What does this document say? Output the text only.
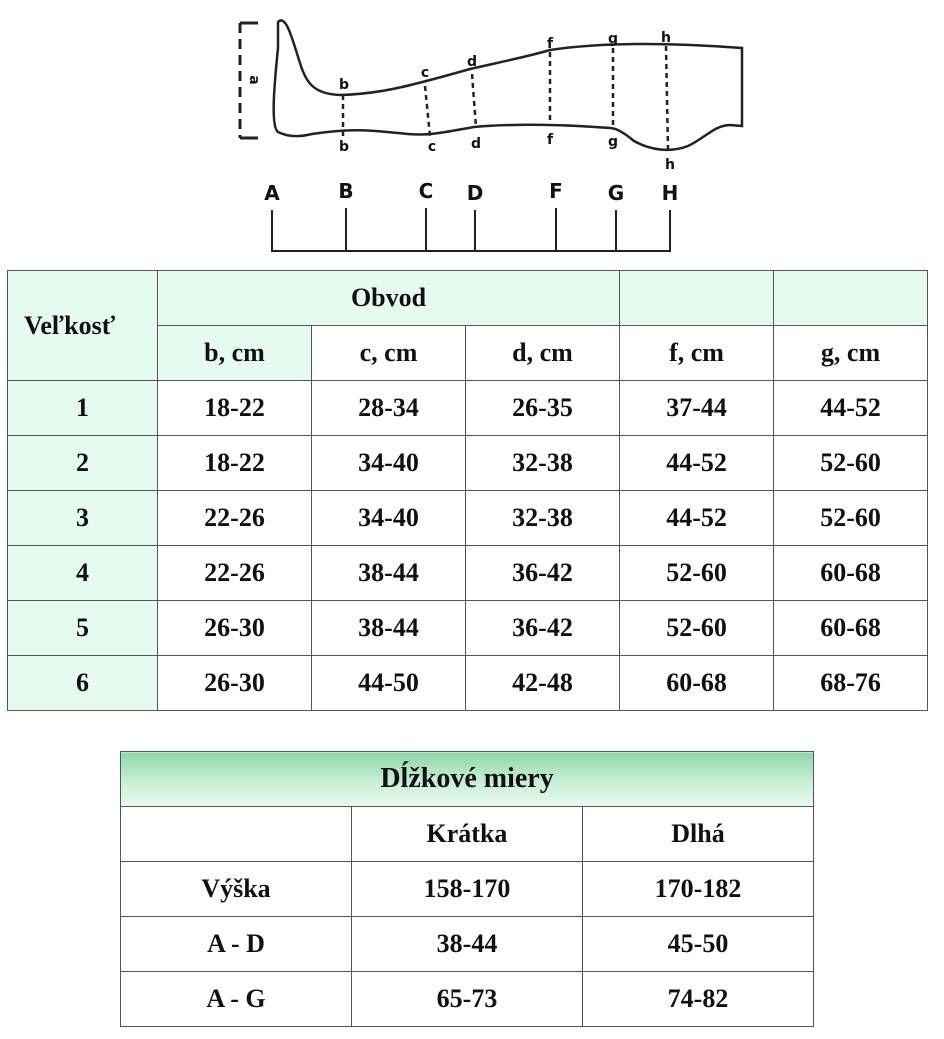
a	b
c
d
f	g	h
b	c d	f	g
h
A	B	C D	F G H
Veľkosť	Obvod				
	b, cm	c, cm	d, cm	f, cm	g, cm
1	18-22	28-34	26-35	37-44	44-52
2	18-22	34-40	32-38	44-52	52-60
3	22-26	34-40	32-38	44-52	52-60
4	22-26	38-44	36-42	52-60	60-68
5	26-30	38-44	36-42	52-60	60-68
6	26-30	44-50	42-48	60-68	68-76
Dĺžkové miery		
	Krátka	Dlhá
Výška	158-170	170-182
A - D	38-44	45-50
A - G	65-73	74-82
